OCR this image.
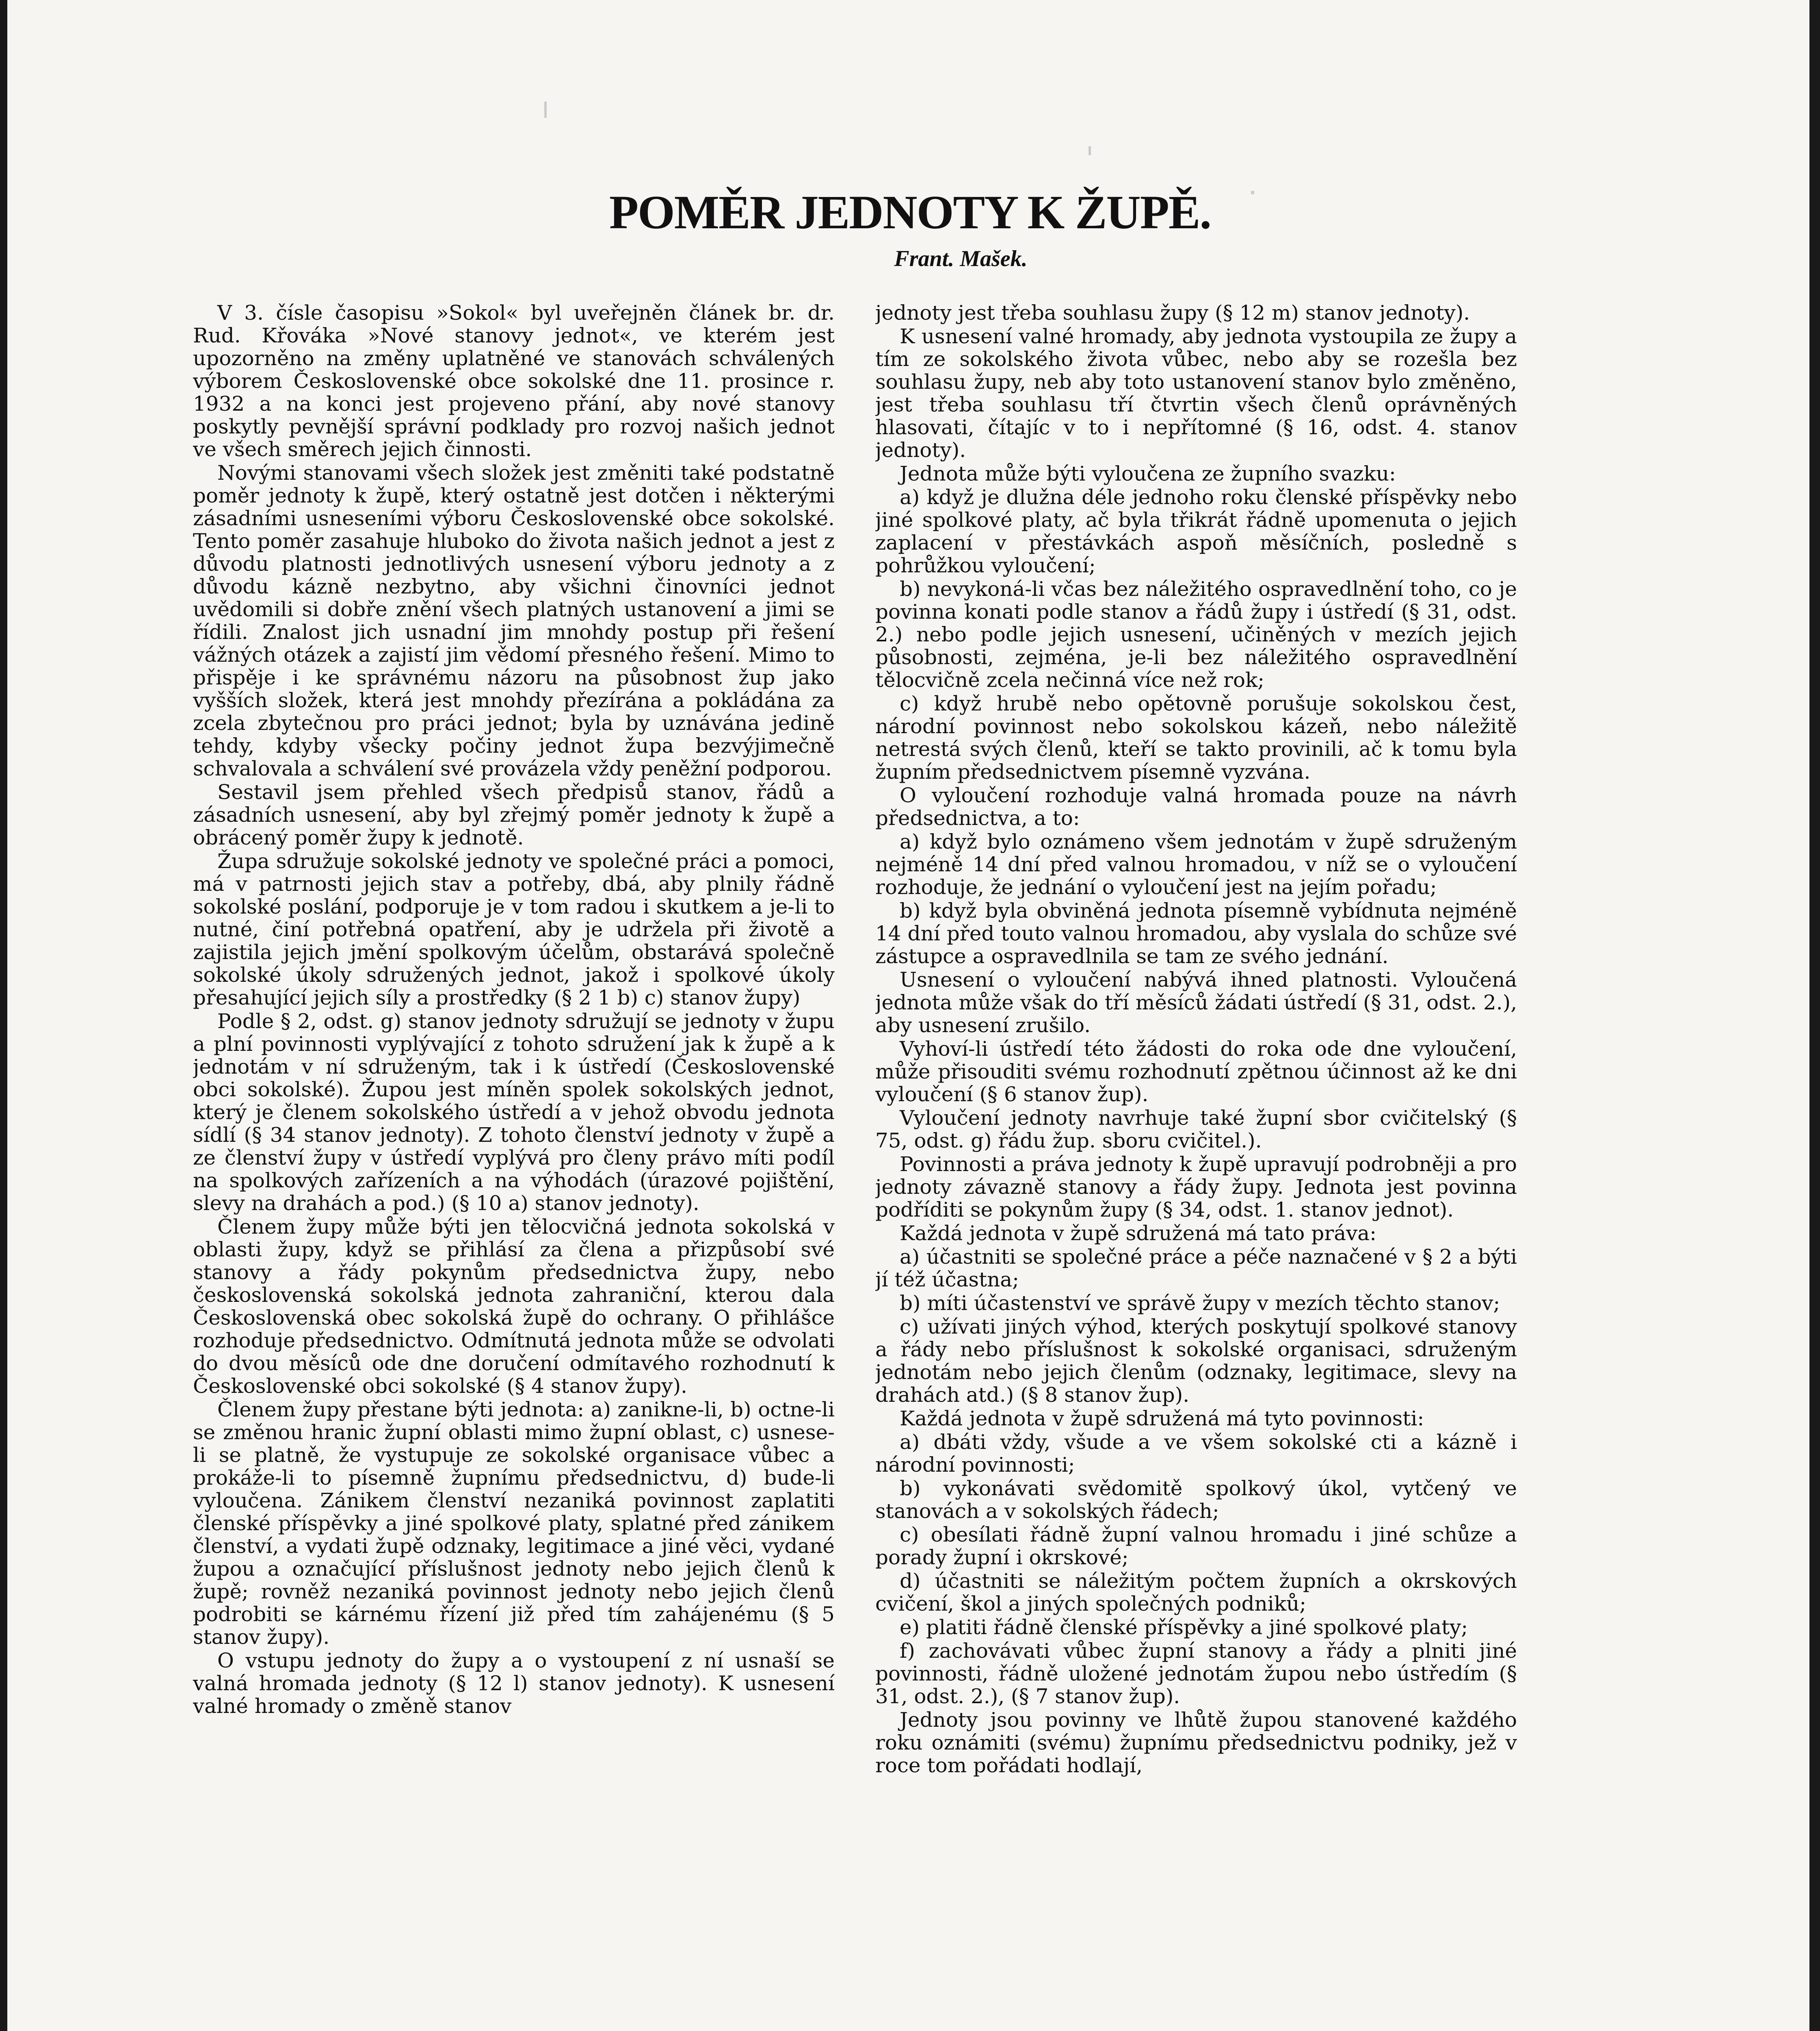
POMĚR JEDNOTY K ŽUPĚ.
Frant. Mašek.

V 3. čísle časopisu »Sokol« byl uveřejněn článek br. dr. Rud. Křováka »Nové stanovy jednot«, ve kterém jest upozorněno na změny uplatněné ve stanovách schválených výborem Československé obce sokolské dne 11. prosince r. 1932 a na konci jest projeveno přání, aby nové stanovy poskytly pevnější správní podklady pro rozvoj našich jednot ve všech směrech jejich činnosti.

Novými stanovami všech složek jest změniti také podstatně poměr jednoty k župě, který ostatně jest dotčen i některými zásadními usneseními výboru Československé obce sokolské. Tento poměr zasahuje hluboko do života našich jednot a jest z důvodu platnosti jednotlivých usnesení výboru jednoty a z důvodu kázně nezbytno, aby všichni činovníci jednot uvědomili si dobře znění všech platných ustanovení a jimi se řídili. Znalost jich usnadní jim mnohdy postup při řešení vážných otázek a zajistí jim vědomí přesného řešení. Mimo to přispěje i ke správnému názoru na působnost žup jako vyšších složek, která jest mnohdy přezírána a pokládána za zcela zbytečnou pro práci jednot; byla by uznávána jedině tehdy, kdyby všecky počiny jednot župa bezvýjimečně schvalovala a schválení své provázela vždy peněžní podporou.

Sestavil jsem přehled všech předpisů stanov, řádů a zásadních usnesení, aby byl zřejmý poměr jednoty k župě a obrácený poměr župy k jednotě.

Župa sdružuje sokolské jednoty ve společné práci a pomoci, má v patrnosti jejich stav a potřeby, dbá, aby plnily řádně sokolské poslání, podporuje je v tom radou i skutkem a je-li to nutné, činí potřebná opatření, aby je udržela při životě a zajistila jejich jmění spolkovým účelům, obstarává společně sokolské úkoly sdružených jednot, jakož i spolkové úkoly přesahující jejich síly a prostředky (§ 2 1 b) c) stanov župy)

Podle § 2, odst. g) stanov jednoty sdružují se jednoty v župu a plní povinnosti vyplývající z tohoto sdružení jak k župě a k jednotám v ní sdruženým, tak i k ústředí (Československé obci sokolské). Župou jest míněn spolek sokolských jednot, který je členem sokolského ústředí a v jehož obvodu jednota sídlí (§ 34 stanov jednoty). Z tohoto členství jednoty v župě a ze členství župy v ústředí vyplývá pro členy právo míti podíl na spolkových zařízeních a na výhodách (úrazové pojištění, slevy na drahách a pod.) (§ 10 a) stanov jednoty).

Členem župy může býti jen tělocvičná jednota sokolská v oblasti župy, když se přihlásí za člena a přizpůsobí své stanovy a řády pokynům předsednictva župy, nebo československá sokolská jednota zahraniční, kterou dala Československá obec sokolská župě do ochrany. O přihlášce rozhoduje předsednictvo. Odmítnutá jednota může se odvolati do dvou měsíců ode dne doručení odmítavého rozhodnutí k Československé obci sokolské (§ 4 stanov župy).

Členem župy přestane býti jednota: a) zanikne-li, b) octne-li se změnou hranic župní oblasti mimo župní oblast, c) usnese-li se platně, že vystupuje ze sokolské organisace vůbec a prokáže-li to písemně župnímu předsednictvu, d) bude-li vyloučena. Zánikem členství nezaniká povinnost zaplatiti členské příspěvky a jiné spolkové platy, splatné před zánikem členství, a vydati župě odznaky, legitimace a jiné věci, vydané župou a označující příslušnost jednoty nebo jejich členů k župě; rovněž nezaniká povinnost jednoty nebo jejich členů podrobiti se kárnému řízení již před tím zahájenému (§ 5 stanov župy).

O vstupu jednoty do župy a o vystoupení z ní usnaší se valná hromada jednoty (§ 12 l) stanov jednoty). K usnesení valné hromady o změně stanov

jednoty jest třeba souhlasu župy (§ 12 m) stanov jednoty).

K usnesení valné hromady, aby jednota vystoupila ze župy a tím ze sokolského života vůbec, nebo aby se rozešla bez souhlasu župy, neb aby toto ustanovení stanov bylo změněno, jest třeba souhlasu tří čtvrtin všech členů oprávněných hlasovati, čítajíc v to i nepřítomné (§ 16, odst. 4. stanov jednoty).

Jednota může býti vyloučena ze župního svazku:

a) když je dlužna déle jednoho roku členské příspěvky nebo jiné spolkové platy, ač byla třikrát řádně upomenuta o jejich zaplacení v přestávkách aspoň měsíčních, posledně s pohrůžkou vyloučení;

b) nevykoná-li včas bez náležitého ospravedlnění toho, co je povinna konati podle stanov a řádů župy i ústředí (§ 31, odst. 2.) nebo podle jejich usnesení, učiněných v mezích jejich působnosti, zejména, je-li bez náležitého ospravedlnění tělocvičně zcela nečinná více než rok;

c) když hrubě nebo opětovně porušuje sokolskou čest, národní povinnost nebo sokolskou kázeň, nebo náležitě netrestá svých členů, kteří se takto provinili, ač k tomu byla župním předsednictvem písemně vyzvána.

O vyloučení rozhoduje valná hromada pouze na návrh předsednictva, a to:

a) když bylo oznámeno všem jednotám v župě sdruženým nejméně 14 dní před valnou hromadou, v níž se o vyloučení rozhoduje, že jednání o vyloučení jest na jejím pořadu;

b) když byla obviněná jednota písemně vybídnuta nejméně 14 dní před touto valnou hromadou, aby vyslala do schůze své zástupce a ospravedlnila se tam ze svého jednání.

Usnesení o vyloučení nabývá ihned platnosti. Vyloučená jednota může však do tří měsíců žádati ústředí (§ 31, odst. 2.), aby usnesení zrušilo.

Vyhoví-li ústředí této žádosti do roka ode dne vyloučení, může přisouditi svému rozhodnutí zpětnou účinnost až ke dni vyloučení (§ 6 stanov žup).

Vyloučení jednoty navrhuje také župní sbor cvičitelský (§ 75, odst. g) řádu žup. sboru cvičitel.).

Povinnosti a práva jednoty k župě upravují podrobněji a pro jednoty závazně stanovy a řády župy. Jednota jest povinna podříditi se pokynům župy (§ 34, odst. 1. stanov jednot).

Každá jednota v župě sdružená má tato práva:

a) účastniti se společné práce a péče naznačené v § 2 a býti jí též účastna;

b) míti účastenství ve správě župy v mezích těchto stanov;

c) užívati jiných výhod, kterých poskytují spolkové stanovy a řády nebo příslušnost k sokolské organisaci, sdruženým jednotám nebo jejich členům (odznaky, legitimace, slevy na drahách atd.) (§ 8 stanov žup).

Každá jednota v župě sdružená má tyto povinnosti:

a) dbáti vždy, všude a ve všem sokolské cti a kázně i národní povinnosti;

b) vykonávati svědomitě spolkový úkol, vytčený ve stanovách a v sokolských řádech;

c) obesílati řádně župní valnou hromadu i jiné schůze a porady župní i okrskové;

d) účastniti se náležitým počtem župních a okrskových cvičení, škol a jiných společných podniků;

e) platiti řádně členské příspěvky a jiné spolkové platy;

f) zachovávati vůbec župní stanovy a řády a plniti jiné povinnosti, řádně uložené jednotám župou nebo ústředím (§ 31, odst. 2.), (§ 7 stanov žup).

Jednoty jsou povinny ve lhůtě župou stanovené každého roku oznámiti (svému) župnímu předsednictvu podniky, jež v roce tom pořádati hodlají,
